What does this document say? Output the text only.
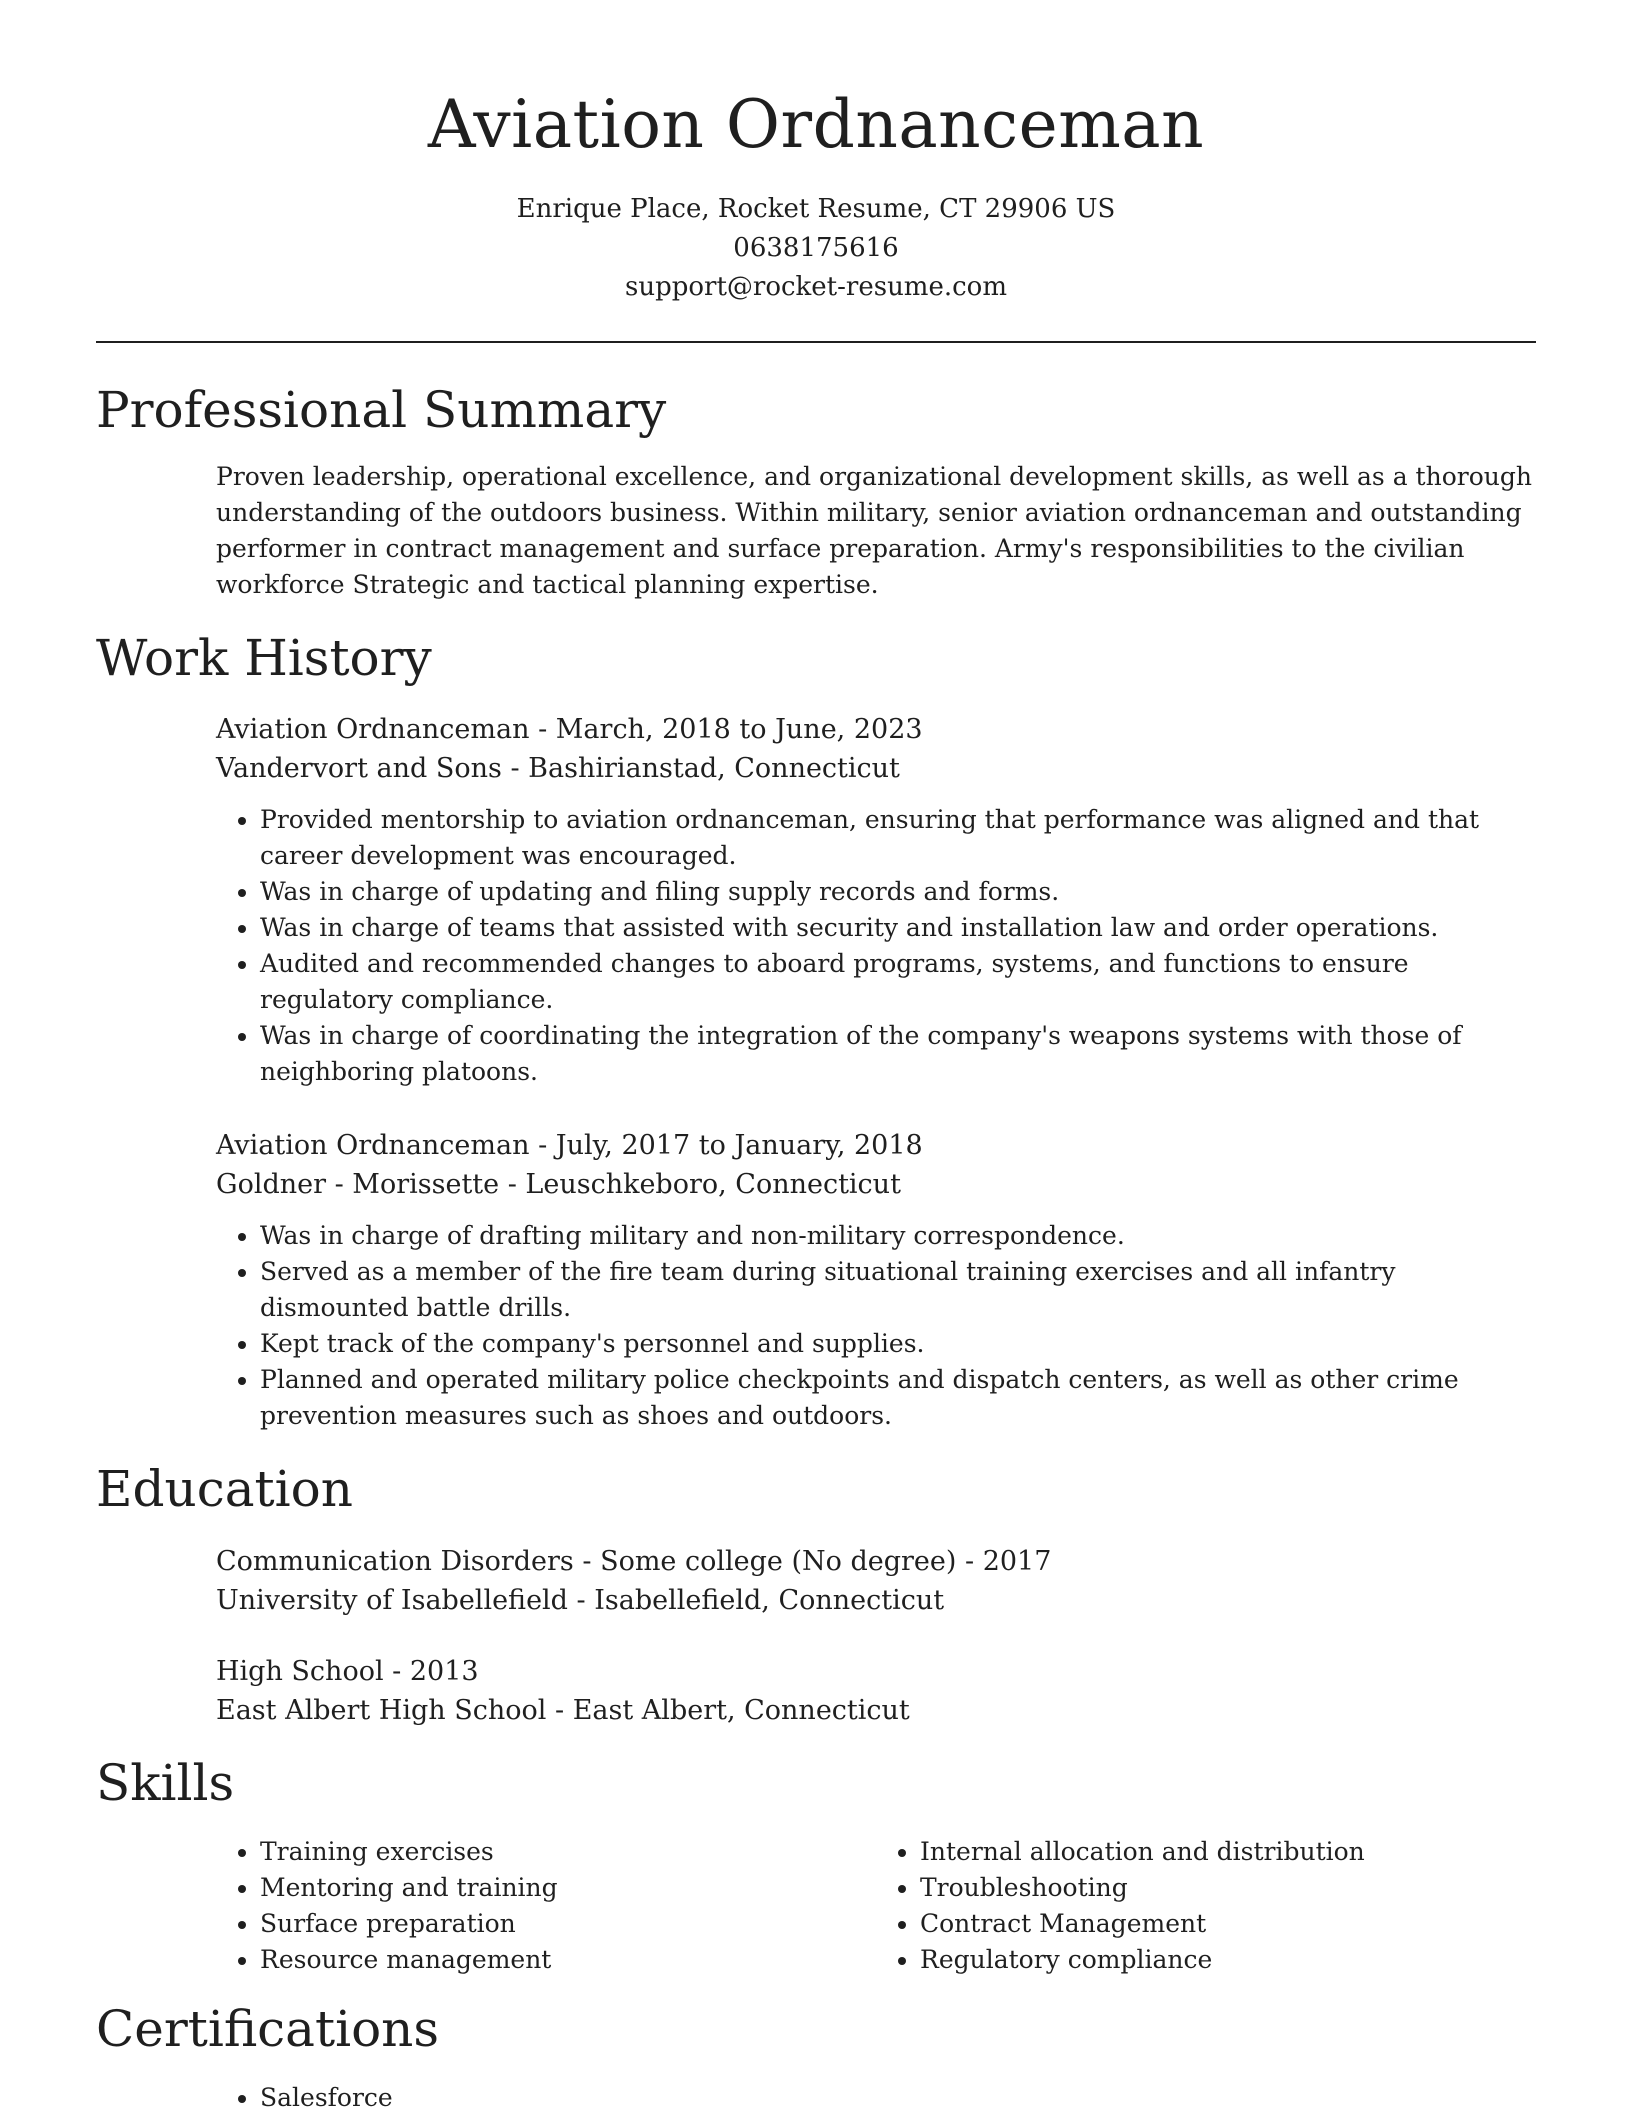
Aviation Ordnanceman
Enrique Place, Rocket Resume, CT 29906 US
0638175616
support@rocket-resume.com
Professional Summary

Proven leadership, operational excellence, and organizational development skills, as well as a thorough understanding of the outdoors business. Within military, senior aviation ordnanceman and outstanding performer in contract management and surface preparation. Army's responsibilities to the civilian workforce Strategic and tactical planning expertise.

Work History
Aviation Ordnanceman - March, 2018 to June, 2023
Vandervort and Sons - Bashirianstad, Connecticut
• Provided mentorship to aviation ordnanceman, ensuring that performance was aligned and that career development was encouraged.
• Was in charge of updating and filing supply records and forms.
• Was in charge of teams that assisted with security and installation law and order operations.
• Audited and recommended changes to aboard programs, systems, and functions to ensure regulatory compliance.
• Was in charge of coordinating the integration of the company's weapons systems with those of neighboring platoons.
Aviation Ordnanceman - July, 2017 to January, 2018
Goldner - Morissette - Leuschkeboro, Connecticut
• Was in charge of drafting military and non-military correspondence.
• Served as a member of the fire team during situational training exercises and all infantry dismounted battle drills.
• Kept track of the company's personnel and supplies.
• Planned and operated military police checkpoints and dispatch centers, as well as other crime prevention measures such as shoes and outdoors.
Education
Communication Disorders - Some college (No degree) - 2017
University of Isabellefield - Isabellefield, Connecticut
High School - 2013
East Albert High School - East Albert, Connecticut
Skills
• Training exercises
• Mentoring and training
• Surface preparation
• Resource management
• Internal allocation and distribution
• Troubleshooting
• Contract Management
• Regulatory compliance
Certifications
• Salesforce
